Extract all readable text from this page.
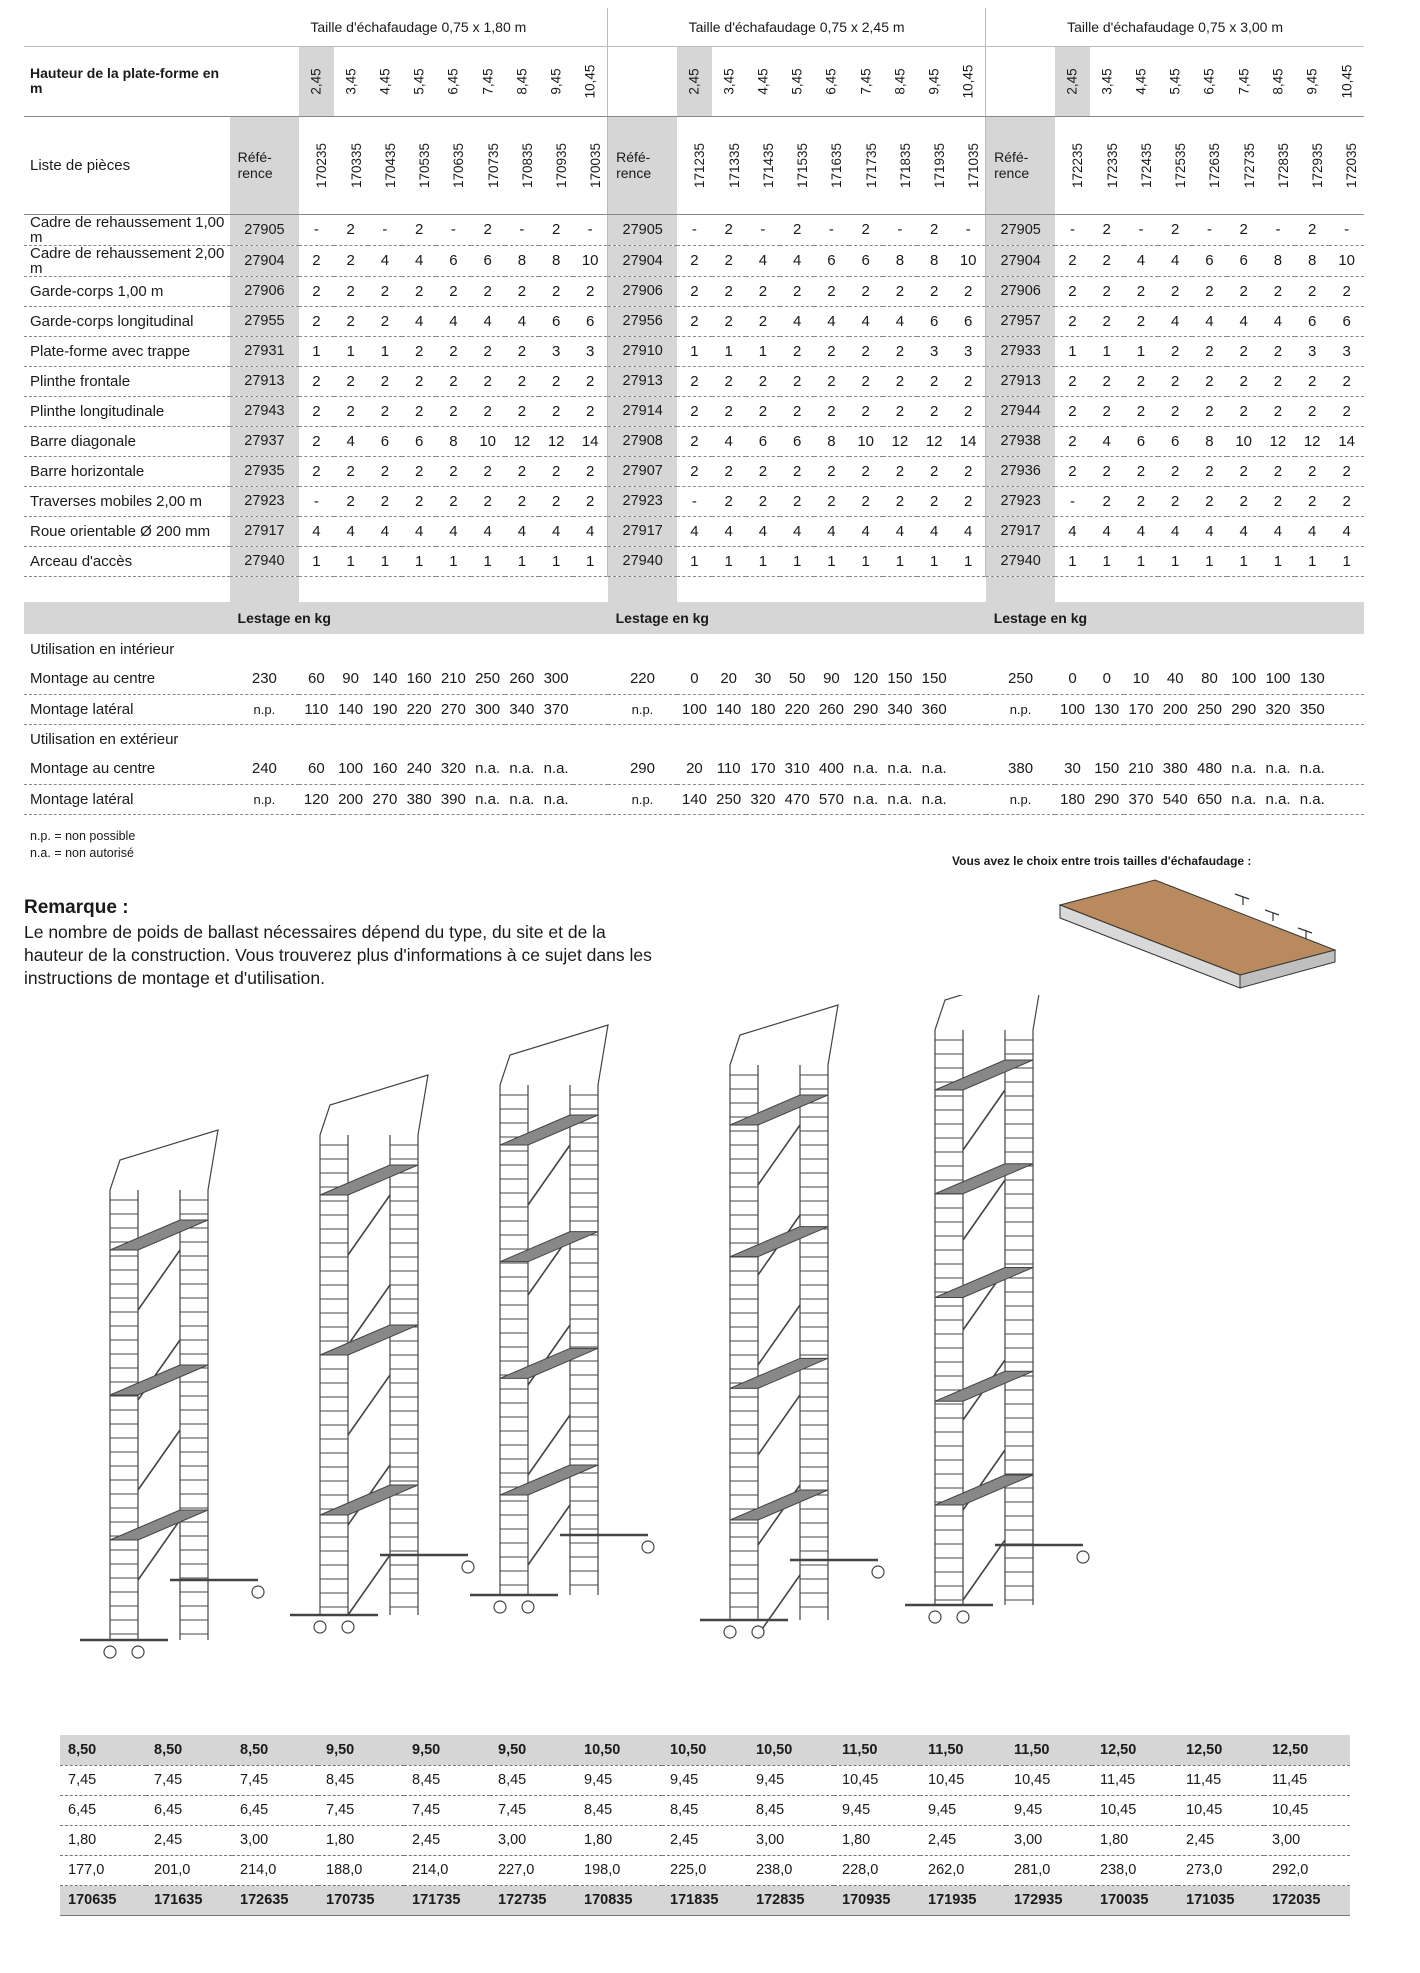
	Taille d'échafaudage 0,75 x 1,80 m										Taille d'échafaudage 0,75 x 2,45 m										Taille d'échafaudage 0,75 x 3,00 m									
Hauteur de la plate-forme en m		2,45	3,45	4,45	5,45	6,45	7,45	8,45	9,45	10,45		2,45	3,45	4,45	5,45	6,45	7,45	8,45	9,45	10,45		2,45	3,45	4,45	5,45	6,45	7,45	8,45	9,45	10,45
Liste de pièces	Réfé-rence	170235	170335	170435	170535	170635	170735	170835	170935	170035	Réfé-rence	171235	171335	171435	171535	171635	171735	171835	171935	171035	Réfé-rence	172235	172335	172435	172535	172635	172735	172835	172935	172035
Cadre de rehaussement 1,00 m	27905	-	2	-	2	-	2	-	2	-	27905	-	2	-	2	-	2	-	2	-	27905	-	2	-	2	-	2	-	2	-
Cadre de rehaussement 2,00 m	27904	2	2	4	4	6	6	8	8	10	27904	2	2	4	4	6	6	8	8	10	27904	2	2	4	4	6	6	8	8	10
Garde-corps 1,00 m	27906	2	2	2	2	2	2	2	2	2	27906	2	2	2	2	2	2	2	2	2	27906	2	2	2	2	2	2	2	2	2
Garde-corps longitudinal	27955	2	2	2	4	4	4	4	6	6	27956	2	2	2	4	4	4	4	6	6	27957	2	2	2	4	4	4	4	6	6
Plate-forme avec trappe	27931	1	1	1	2	2	2	2	3	3	27910	1	1	1	2	2	2	2	3	3	27933	1	1	1	2	2	2	2	3	3
Plinthe frontale	27913	2	2	2	2	2	2	2	2	2	27913	2	2	2	2	2	2	2	2	2	27913	2	2	2	2	2	2	2	2	2
Plinthe longitudinale	27943	2	2	2	2	2	2	2	2	2	27914	2	2	2	2	2	2	2	2	2	27944	2	2	2	2	2	2	2	2	2
Barre diagonale	27937	2	4	6	6	8	10	12	12	14	27908	2	4	6	6	8	10	12	12	14	27938	2	4	6	6	8	10	12	12	14
Barre horizontale	27935	2	2	2	2	2	2	2	2	2	27907	2	2	2	2	2	2	2	2	2	27936	2	2	2	2	2	2	2	2	2
Traverses mobiles 2,00 m	27923	-	2	2	2	2	2	2	2	2	27923	-	2	2	2	2	2	2	2	2	27923	-	2	2	2	2	2	2	2	2
Roue orientable Ø 200 mm	27917	4	4	4	4	4	4	4	4	4	27917	4	4	4	4	4	4	4	4	4	27917	4	4	4	4	4	4	4	4	4
Arceau d'accès	27940	1	1	1	1	1	1	1	1	1	27940	1	1	1	1	1	1	1	1	1	27940	1	1	1	1	1	1	1	1	1

	Lestage en kg										Lestage en kg										Lestage en kg									
Utilisation en intérieur																														
Montage au centre	230	60	90	140	160	210	250	260	300		220	0	20	30	50	90	120	150	150		250	0	0	10	40	80	100	100	130	
Montage latéral	n.p.	110	140	190	220	270	300	340	370		n.p.	100	140	180	220	260	290	340	360		n.p.	100	130	170	200	250	290	320	350	
Utilisation en extérieur																														
Montage au centre	240	60	100	160	240	320	n.a.	n.a.	n.a.		290	20	110	170	310	400	n.a.	n.a.	n.a.		380	30	150	210	380	480	n.a.	n.a.	n.a.	
Montage latéral	n.p.	120	200	270	380	390	n.a.	n.a.	n.a.		n.p.	140	250	320	470	570	n.a.	n.a.	n.a.		n.p.	180	290	370	540	650	n.a.	n.a.	n.a.	
n.p. = non possible
n.a. = non autorisé
Remarque :
Le nombre de poids de ballast nécessaires dépend du type, du site et de la hauteur de la construction. Vous trouverez plus d'informations à ce sujet dans les instructions de montage et d'utilisation.
Vous avez le choix entre trois tailles d'échafaudage :
8,50	8,50	8,50	9,50	9,50	9,50	10,50	10,50	10,50	11,50	11,50	11,50	12,50	12,50	12,50
7,45	7,45	7,45	8,45	8,45	8,45	9,45	9,45	9,45	10,45	10,45	10,45	11,45	11,45	11,45
6,45	6,45	6,45	7,45	7,45	7,45	8,45	8,45	8,45	9,45	9,45	9,45	10,45	10,45	10,45
1,80	2,45	3,00	1,80	2,45	3,00	1,80	2,45	3,00	1,80	2,45	3,00	1,80	2,45	3,00
177,0	201,0	214,0	188,0	214,0	227,0	198,0	225,0	238,0	228,0	262,0	281,0	238,0	273,0	292,0
170635	171635	172635	170735	171735	172735	170835	171835	172835	170935	171935	172935	170035	171035	172035
